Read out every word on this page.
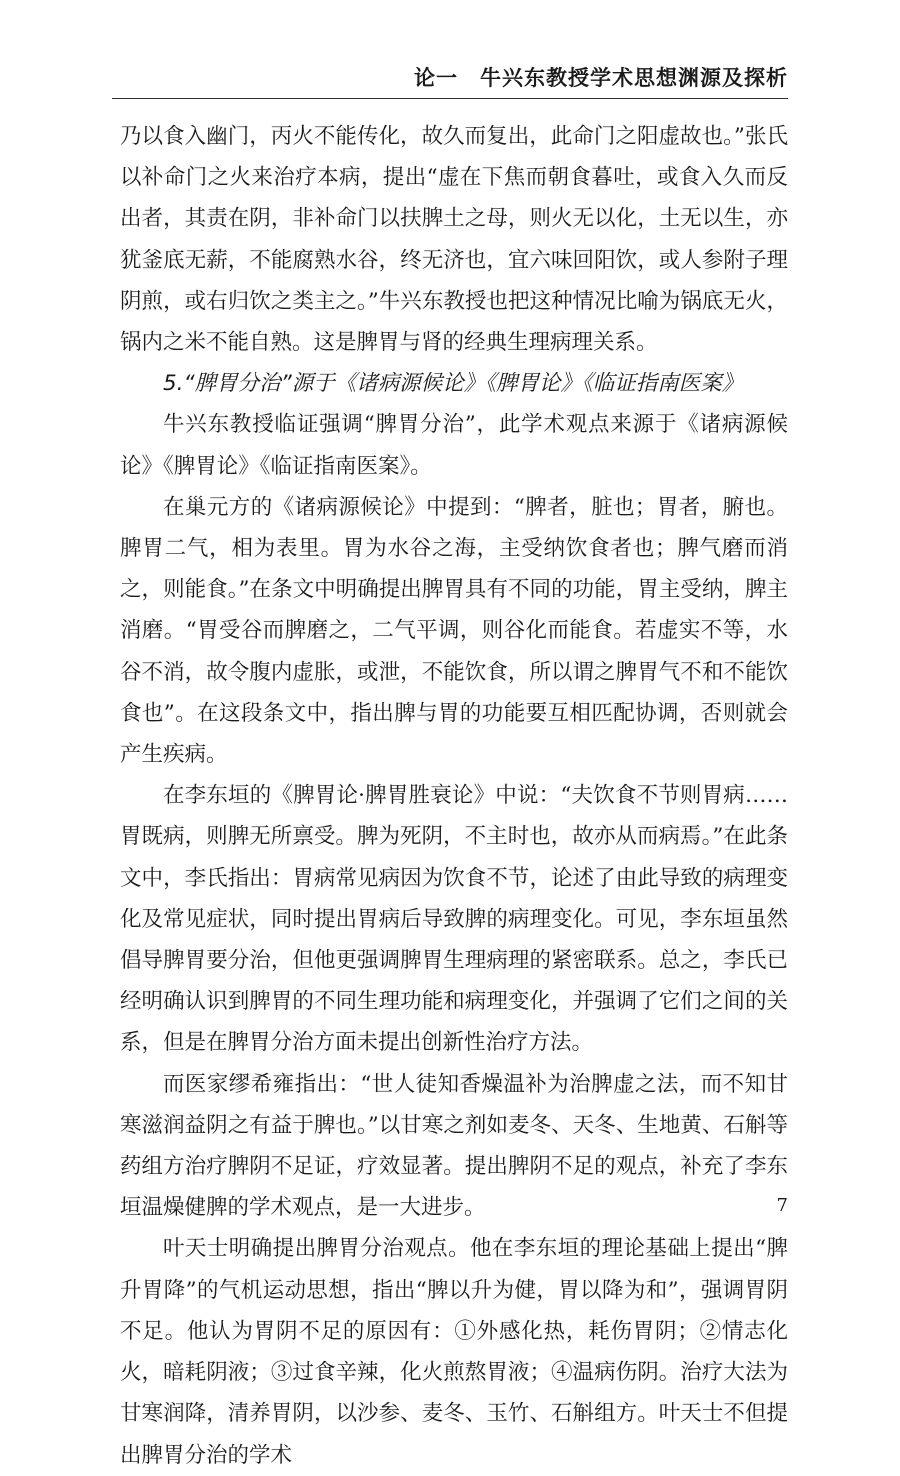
论一　牛兴东教授学术思想渊源及探析

乃以食入幽门，丙火不能传化，故久而复出，此命门之阳虚故也。”张氏以补命门之火来治疗本病，提出“虚在下焦而朝食暮吐，或食入久而反出者，其责在阴，非补命门以扶脾土之母，则火无以化，土无以生，亦犹釜底无薪，不能腐熟水谷，终无济也，宜六味回阳饮，或人参附子理阴煎，或右归饮之类主之。”牛兴东教授也把这种情况比喻为锅底无火，锅内之米不能自熟。这是脾胃与肾的经典生理病理关系。

5.“脾胃分治”源于《诸病源候论》《脾胃论》《临证指南医案》

牛兴东教授临证强调“脾胃分治”，此学术观点来源于《诸病源候论》《脾胃论》《临证指南医案》。

在巢元方的《诸病源候论》中提到：“脾者，脏也；胃者，腑也。脾胃二气，相为表里。胃为水谷之海，主受纳饮食者也；脾气磨而消之，则能食。”在条文中明确提出脾胃具有不同的功能，胃主受纳，脾主消磨。“胃受谷而脾磨之，二气平调，则谷化而能食。若虚实不等，水谷不消，故令腹内虚胀，或泄，不能饮食，所以谓之脾胃气不和不能饮食也”。在这段条文中，指出脾与胃的功能要互相匹配协调，否则就会产生疾病。

在李东垣的《脾胃论·脾胃胜衰论》中说：“夫饮食不节则胃病……胃既病，则脾无所禀受。脾为死阴，不主时也，故亦从而病焉。”在此条文中，李氏指出：胃病常见病因为饮食不节，论述了由此导致的病理变化及常见症状，同时提出胃病后导致脾的病理变化。可见，李东垣虽然倡导脾胃要分治，但他更强调脾胃生理病理的紧密联系。总之，李氏已经明确认识到脾胃的不同生理功能和病理变化，并强调了它们之间的关系，但是在脾胃分治方面未提出创新性治疗方法。

而医家缪希雍指出：“世人徒知香燥温补为治脾虚之法，而不知甘寒滋润益阴之有益于脾也。”以甘寒之剂如麦冬、天冬、生地黄、石斛等药组方治疗脾阴不足证，疗效显著。提出脾阴不足的观点，补充了李东垣温燥健脾的学术观点，是一大进步。

叶天士明确提出脾胃分治观点。他在李东垣的理论基础上提出“脾升胃降”的气机运动思想，指出“脾以升为健，胃以降为和”，强调胃阴不足。他认为胃阴不足的原因有：①外感化热，耗伤胃阴；②情志化火，暗耗阴液；③过食辛辣，化火煎熬胃液；④温病伤阴。治疗大法为甘寒润降，清养胃阴，以沙参、麦冬、玉竹、石斛组方。叶天士不但提出脾胃分治的学术

7
